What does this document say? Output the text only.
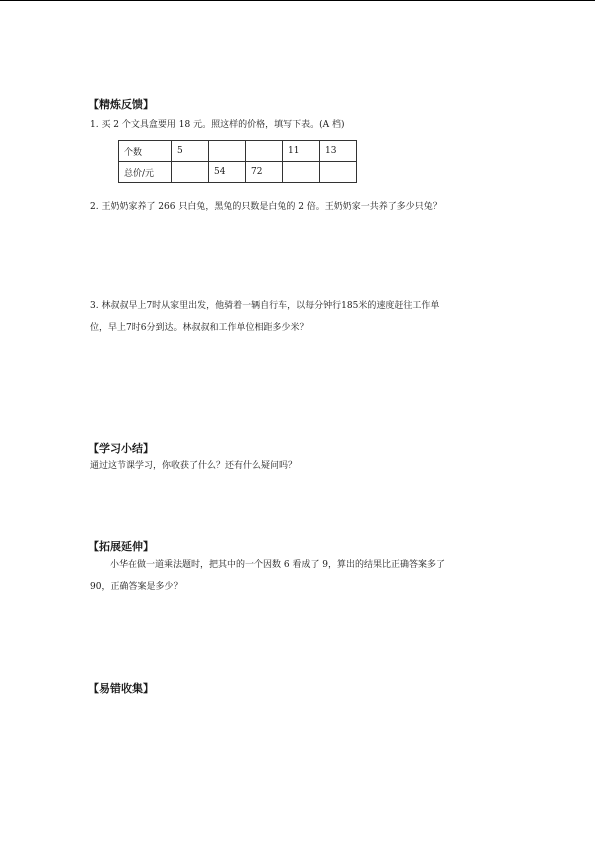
【精炼反馈】
1. 买 2 个文具盒要用 18 元。照这样的价格，填写下表。(A 档)
个数	5			11	13
总价/元		54	72		
2. 王奶奶家养了 266 只白兔，黑兔的只数是白兔的 2 倍。王奶奶家一共养了多少只兔？
3. 林叔叔早上7时从家里出发，他骑着一辆自行车，以每分钟行185米的速度赶往工作单
位，早上7时6分到达。林叔叔和工作单位相距多少米？
【学习小结】
通过这节课学习，你收获了什么？还有什么疑问吗？
【拓展延伸】
小华在做一道乘法题时，把其中的一个因数 6 看成了 9，算出的结果比正确答案多了
90，正确答案是多少？
【易错收集】
